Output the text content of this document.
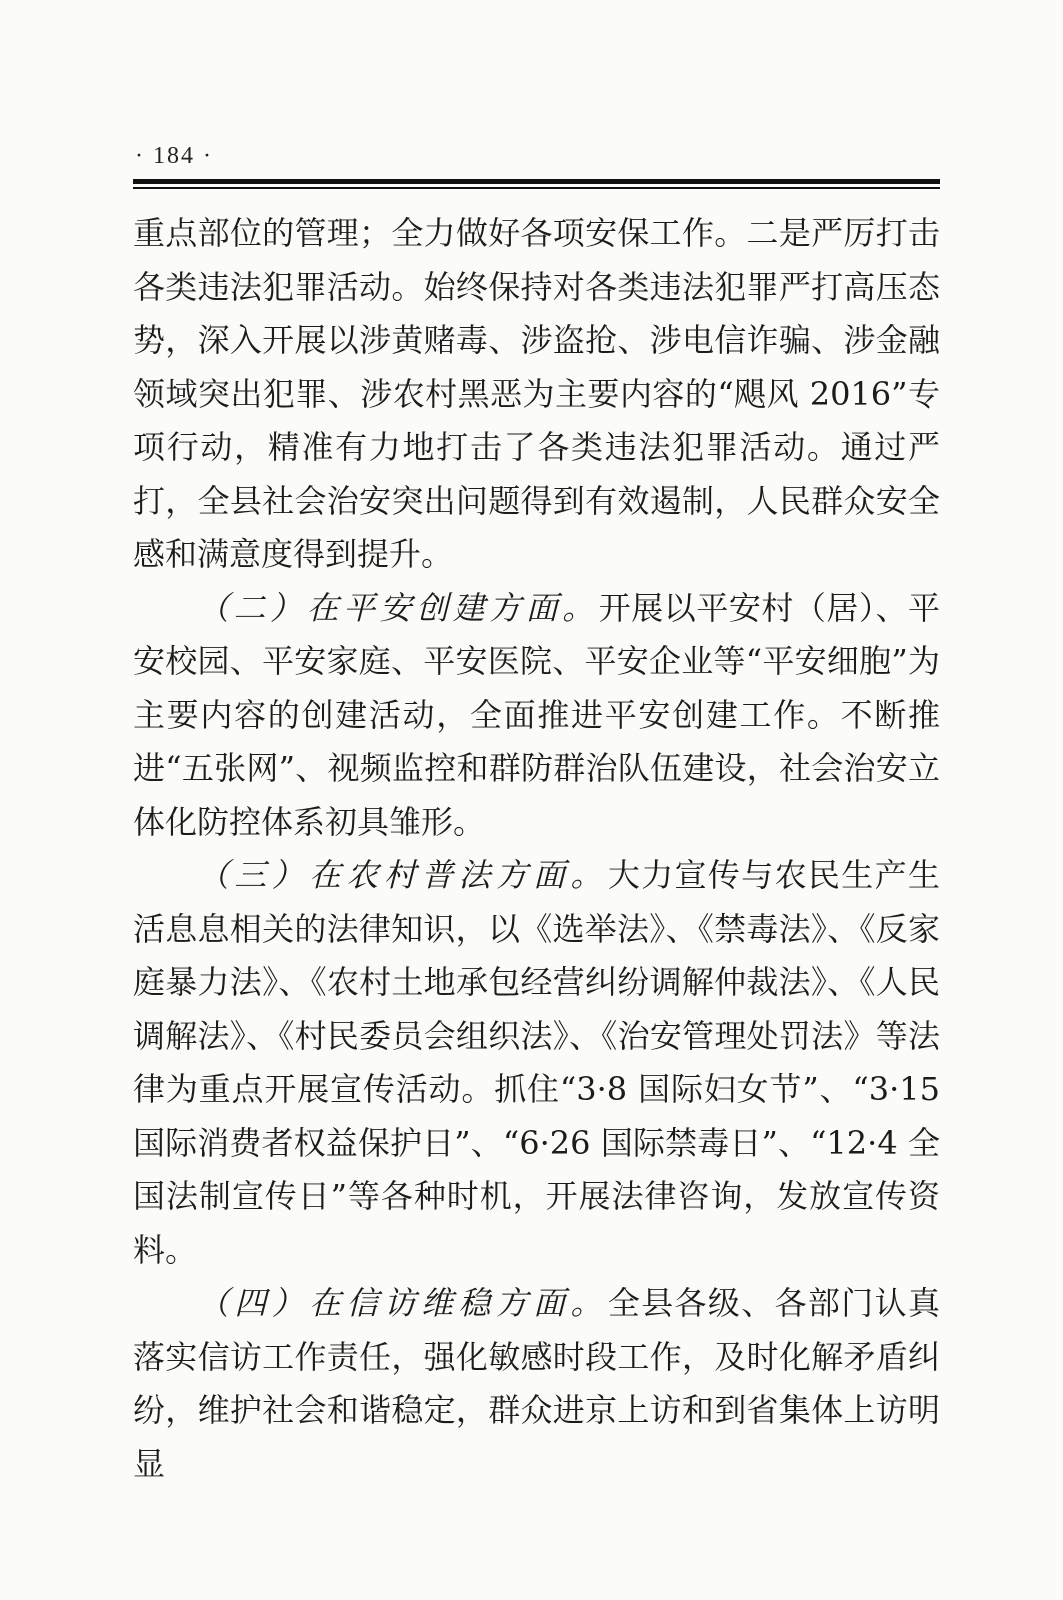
· 184 ·

重点部位的管理；全力做好各项安保工作。二是严厉打击各类违法犯罪活动。始终保持对各类违法犯罪严打高压态势，深入开展以涉黄赌毒、涉盗抢、涉电信诈骗、涉金融领域突出犯罪、涉农村黑恶为主要内容的“飓风 2016”专项行动，精准有力地打击了各类违法犯罪活动。通过严打，全县社会治安突出问题得到有效遏制，人民群众安全感和满意度得到提升。

（二）在平安创建方面。开展以平安村（居）、平安校园、平安家庭、平安医院、平安企业等“平安细胞”为主要内容的创建活动，全面推进平安创建工作。不断推进“五张网”、视频监控和群防群治队伍建设，社会治安立体化防控体系初具雏形。

（三）在农村普法方面。大力宣传与农民生产生活息息相关的法律知识，以《选举法》、《禁毒法》、《反家庭暴力法》、《农村土地承包经营纠纷调解仲裁法》、《人民调解法》、《村民委员会组织法》、《治安管理处罚法》等法律为重点开展宣传活动。抓住“3·8 国际妇女节”、“3·15 国际消费者权益保护日”、“6·26 国际禁毒日”、“12·4 全国法制宣传日”等各种时机，开展法律咨询，发放宣传资料。

（四）在信访维稳方面。全县各级、各部门认真落实信访工作责任，强化敏感时段工作，及时化解矛盾纠纷，维护社会和谐稳定，群众进京上访和到省集体上访明显
